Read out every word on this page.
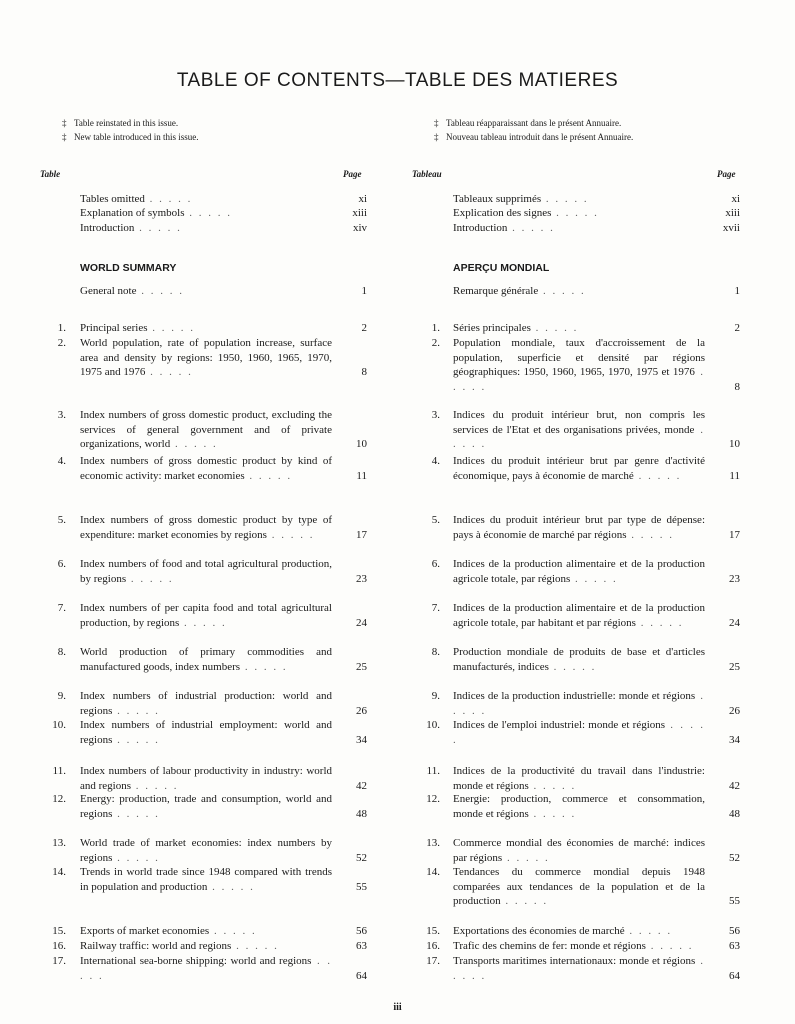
TABLE OF CONTENTS—TABLE DES MATIERES
‡ Table reinstated in this issue.
‡ New table introduced in this issue.
‡ Tableau réapparaissant dans le présent Annuaire.
‡ Nouveau tableau introduit dans le présent Annuaire.
Table	Page	Tableau	Page
WORLD SUMMARY	APERÇU MONDIAL
Tables omitted . . . . .	xi
Explanation of symbols . . . . .	xiii
Introduction . . . . .	xiv
General note . . . . .	1
1. Principal series . . . . .	2
2. World population, rate of population increase, surface area and density by regions: 1950, 1960, 1965, 1970, 1975 and 1976 . . . . .	8
3. Index numbers of gross domestic product, excluding the services of general government and of private organizations, world . . . . .	10
4. Index numbers of gross domestic product by kind of economic activity: market economies . . . . .	11
5. Index numbers of gross domestic product by type of expenditure: market economies by regions . . . . .	17
6. Index numbers of food and total agricultural production, by regions . . . . .	23
7. Index numbers of per capita food and total agricultural production, by regions . . . . .	24
8. World production of primary commodities and manufactured goods, index numbers . . . . .	25
9. Index numbers of industrial production: world and regions . . . . .	26
10. Index numbers of industrial employment: world and regions . . . . .	34
11. Index numbers of labour productivity in industry: world and regions . . . . .	42
12. Energy: production, trade and consumption, world and regions . . . . .	48
13. World trade of market economies: index numbers by regions . . . . .	52
14. Trends in world trade since 1948 compared with trends in population and production . . . . .	55
15. Exports of market economies . . . . .	56
16. Railway traffic: world and regions . . . . .	63
17. International sea-borne shipping: world and regions . . . . .	64
Tableaux supprimés . . . . .	xi
Explication des signes . . . . .	xiii
Introduction . . . . .	xvii
Remarque générale . . . . .	1
1. Séries principales . . . . .	2
2. Population mondiale, taux d'accroissement de la population, superficie et densité par régions géographiques: 1950, 1960, 1965, 1970, 1975 et 1976 . . . . .	8
3. Indices du produit intérieur brut, non compris les services de l'Etat et des organisations privées, monde . . . . .	10
4. Indices du produit intérieur brut par genre d'activité économique, pays à économie de marché . . . . .	11
5. Indices du produit intérieur brut par type de dépense: pays à économie de marché par régions . . . . .	17
6. Indices de la production alimentaire et de la production agricole totale, par régions . . . . .	23
7. Indices de la production alimentaire et de la production agricole totale, par habitant et par régions . . . . .	24
8. Production mondiale de produits de base et d'articles manufacturés, indices . . . . .	25
9. Indices de la production industrielle: monde et régions . . . . .	26
10. Indices de l'emploi industriel: monde et régions . . . . .	34
11. Indices de la productivité du travail dans l'industrie: monde et régions . . . . .	42
12. Energie: production, commerce et consommation, monde et régions . . . . .	48
13. Commerce mondial des économies de marché: indices par régions . . . . .	52
14. Tendances du commerce mondial depuis 1948 comparées aux tendances de la population et de la production . . . . .	55
15. Exportations des économies de marché . . . . .	56
16. Trafic des chemins de fer: monde et régions . . . . .	63
17. Transports maritimes internationaux: monde et régions . . . . .	64
iii
